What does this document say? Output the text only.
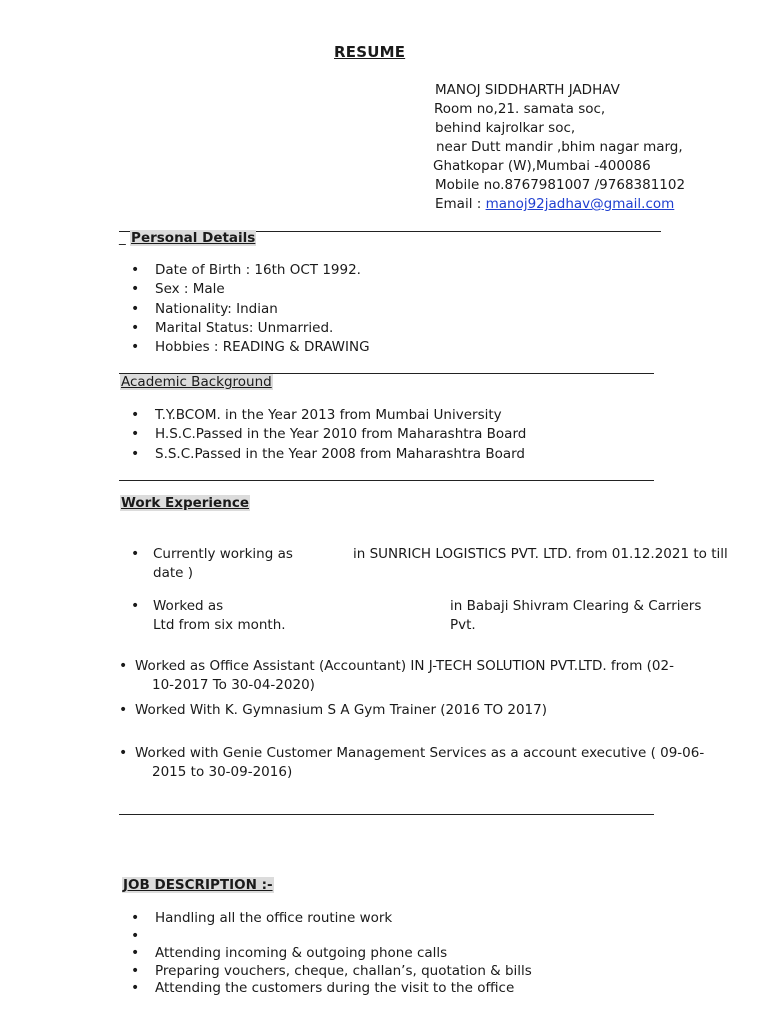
RESUME
MANOJ SIDDHARTH JADHAV
Room no,21. samata soc,
behind kajrolkar soc,
near Dutt mandir ,bhim nagar marg,
Ghatkopar (W),Mumbai -400086
Mobile no.8767981007 /9768381102
Email : manoj92jadhav@gmail.com
_ Personal Details
• Date of Birth : 16th OCT 1992.
• Sex : Male
• Nationality: Indian
• Marital Status: Unmarried.
• Hobbies : READING & DRAWING
Academic Background
• T.Y.BCOM. in the Year 2013 from Mumbai University
• H.S.C.Passed in the Year 2010 from Maharashtra Board
• S.S.C.Passed in the Year 2008 from Maharashtra Board
Work Experience
• Currently working as	in SUNRICH LOGISTICS PVT. LTD. from 01.12.2021 to till
date )
• Worked as	in Babaji Shivram Clearing & Carriers Pvt.
Ltd from six month.
• Worked as Office Assistant (Accountant) IN J-TECH SOLUTION PVT.LTD. from (02-
10-2017 To 30-04-2020)
• Worked With K. Gymnasium S A Gym Trainer (2016 TO 2017)
• Worked with Genie Customer Management Services as a account executive ( 09-06-
2015 to 30-09-2016)
JOB DESCRIPTION :-
• Handling all the office routine work
•
• Attending incoming & outgoing phone calls
• Preparing vouchers, cheque, challan’s, quotation & bills
• Attending the customers during the visit to the office
